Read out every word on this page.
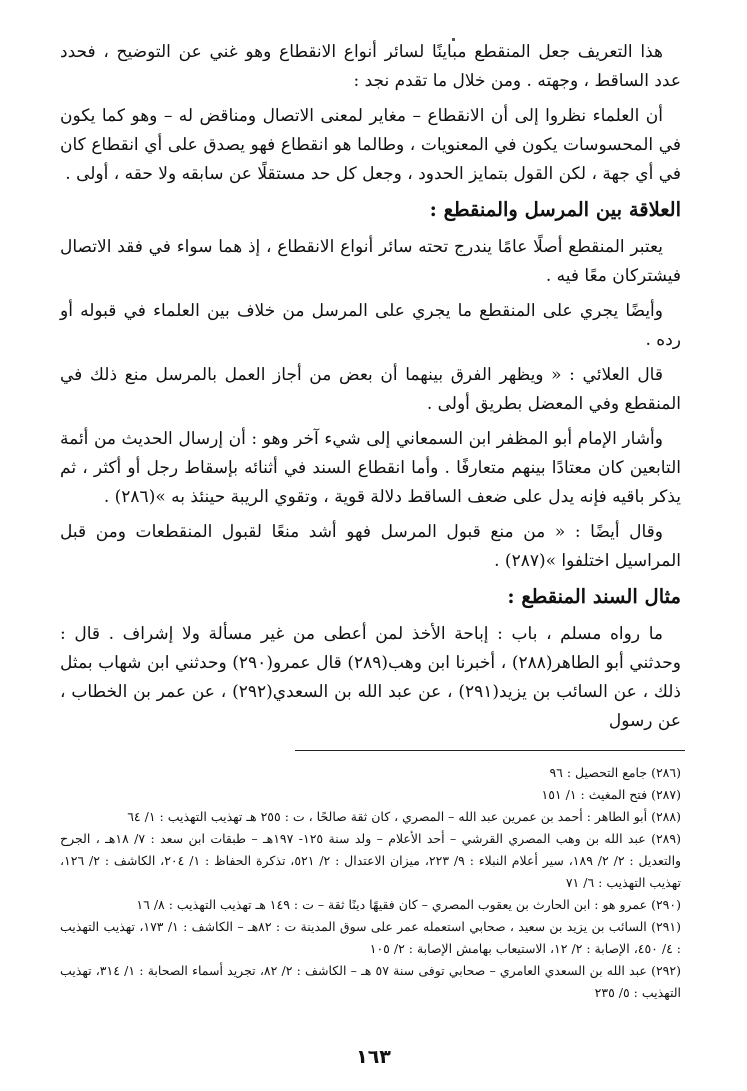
هذا التعريف جعل المنقطع مباينًا لسائر أنواع الانقطاع وهو غني عن التوضيح ، فحدد عدد الساقط ، وجهته . ومن خلال ما تقدم نجد :

أن العلماء نظروا إلى أن الانقطاع – مغاير لمعنى الاتصال ومناقض له – وهو كما يكون في المحسوسات يكون في المعنويات ، وطالما هو انقطاع فهو يصدق على أي انقطاع كان في أي جهة ، لكن القول بتمايز الحدود ، وجعل كل حد مستقلًا عن سابقه ولا حقه ، أولى .

العلاقة بين المرسل والمنقطع :

يعتبر المنقطع أصلًا عامًا يندرج تحته سائر أنواع الانقطاع ، إذ هما سواء في فقد الاتصال فيشتركان معًا فيه .

وأيضًا يجري على المنقطع ما يجري على المرسل من خلاف بين العلماء في قبوله أو رده .

قال العلائي : « ويظهر الفرق بينهما أن بعض من أجاز العمل بالمرسل منع ذلك في المنقطع وفي المعضل بطريق أولى .

وأشار الإمام أبو المظفر ابن السمعاني إلى شيء آخر وهو : أن إرسال الحديث من أئمة التابعين كان معتادًا بينهم متعارفًا . وأما انقطاع السند في أثنائه بإسقاط رجل أو أكثر ، ثم يذكر باقيه فإنه يدل على ضعف الساقط دلالة قوية ، وتقوي الريبة حينئذ به »(٢٨٦) .

وقال أيضًا : « من منع قبول المرسل فهو أشد منعًا لقبول المنقطعات ومن قبل المراسيل اختلفوا »(٢٨٧) .

مثال السند المنقطع :

ما رواه مسلم ، باب : إباحة الأخذ لمن أعطى من غير مسألة ولا إشراف . قال : وحدثني أبو الطاهر(٢٨٨) ، أخبرنا ابن وهب(٢٨٩) قال عمرو(٢٩٠) وحدثني ابن شهاب بمثل ذلك ، عن السائب بن يزيد(٢٩١) ، عن عبد الله بن السعدي(٢٩٢) ، عن عمر بن الخطاب ، عن رسول

(٢٨٦) جامع التحصيل : ٩٦

(٢٨٧) فتح المغيث : ١/ ١٥١

(٢٨٨) أبو الطاهر : أحمد بن عمرين عبد الله – المصري ، كان ثقة صالحًا ، ت : ٢٥٥ هـ تهذيب التهذيب : ١/ ٦٤

(٢٨٩) عبد الله بن وهب المصري القرشي – أحد الأعلام – ولد سنة ١٢٥- ١٩٧هـ – طبقات ابن سعد : ٧/ ١٨هـ ، الجرح والتعديل : ٢/ ٢/ ١٨٩، سير أعلام النبلاء : ٩/ ٢٢٣، ميزان الاعتدال : ٢/ ٥٢١، تذكرة الحفاظ : ١/ ٢٠٤، الكاشف : ٢/ ١٢٦، تهذيب التهذيب : ٦/ ٧١

(٢٩٠) عمرو هو : ابن الحارث بن يعقوب المصري – كان فقيهًا دينًا ثقة – ت : ١٤٩ هـ تهذيب التهذيب : ٨/ ١٦

(٢٩١) السائب بن يزيد بن سعيد ، صحابي استعمله عمر على سوق المدينة ت : ٨٢هـ – الكاشف : ١/ ١٧٣، تهذيب التهذيب : ٤/ ٤٥٠، الإصابة : ٢/ ١٢، الاستيعاب بهامش الإصابة : ٢/ ١٠٥

(٢٩٢) عبد الله بن السعدي العامري – صحابي توفى سنة ٥٧ هـ – الكاشف : ٢/ ٨٢، تجريد أسماء الصحابة : ١/ ٣١٤، تهذيب التهذيب : ٥/ ٢٣٥

١٦٣
